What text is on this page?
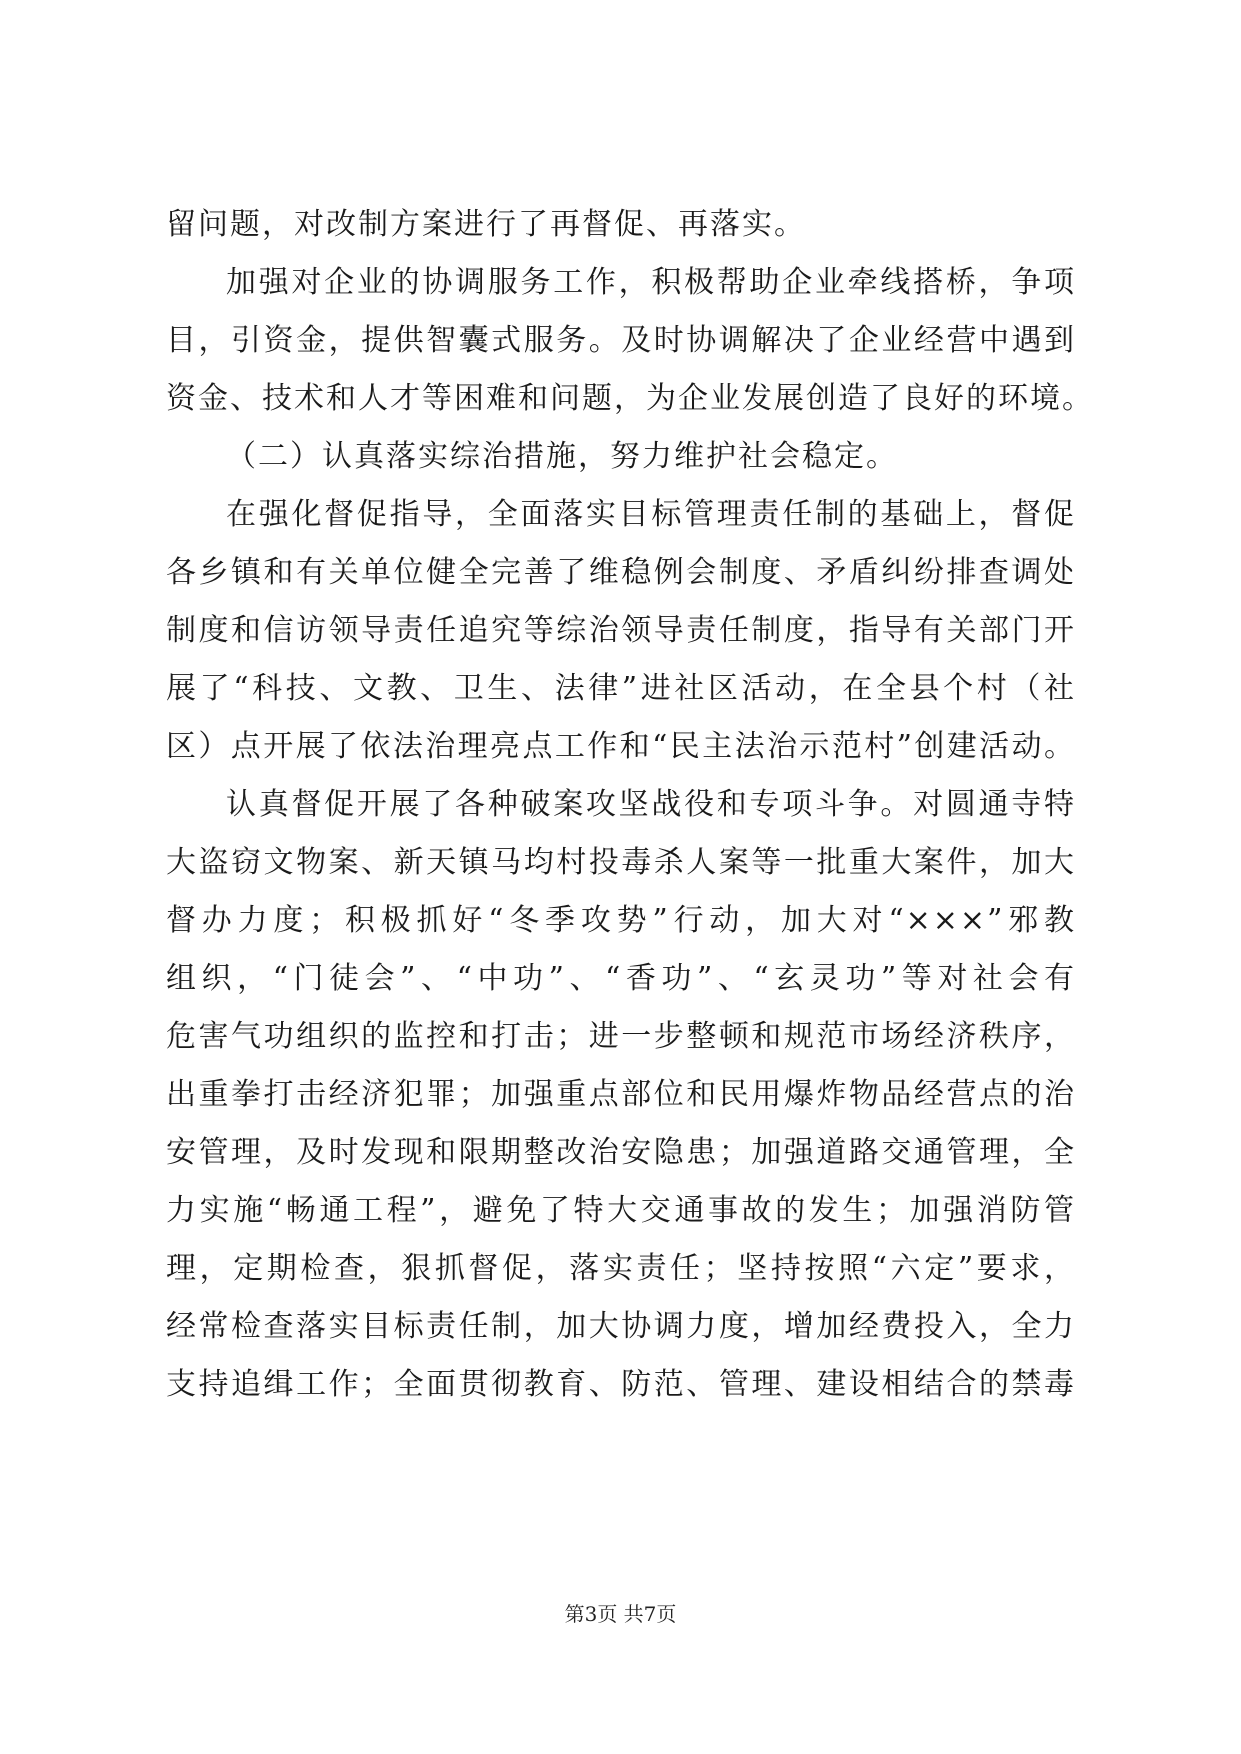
留问题，对改制方案进行了再督促、再落实。
加强对企业的协调服务工作，积极帮助企业牵线搭桥，争项
目，引资金，提供智囊式服务。及时协调解决了企业经营中遇到
资金、技术和人才等困难和问题，为企业发展创造了良好的环境。
（二）认真落实综治措施，努力维护社会稳定。
在强化督促指导，全面落实目标管理责任制的基础上，督促
各乡镇和有关单位健全完善了维稳例会制度、矛盾纠纷排查调处
制度和信访领导责任追究等综治领导责任制度，指导有关部门开
展了“科技、文教、卫生、法律”进社区活动，在全县个村（社
区）点开展了依法治理亮点工作和“民主法治示范村”创建活动。
认真督促开展了各种破案攻坚战役和专项斗争。对圆通寺特
大盗窃文物案、新天镇马均村投毒杀人案等一批重大案件，加大
督办力度；积极抓好“冬季攻势”行动，加大对“×××”邪教
组织，“门徒会”、“中功”、“香功”、“玄灵功”等对社会有
危害气功组织的监控和打击；进一步整顿和规范市场经济秩序，
出重拳打击经济犯罪；加强重点部位和民用爆炸物品经营点的治
安管理，及时发现和限期整改治安隐患；加强道路交通管理，全
力实施“畅通工程”，避免了特大交通事故的发生；加强消防管
理，定期检查，狠抓督促，落实责任；坚持按照“六定”要求，
经常检查落实目标责任制，加大协调力度，增加经费投入，全力
支持追缉工作；全面贯彻教育、防范、管理、建设相结合的禁毒
第3页 共7页
